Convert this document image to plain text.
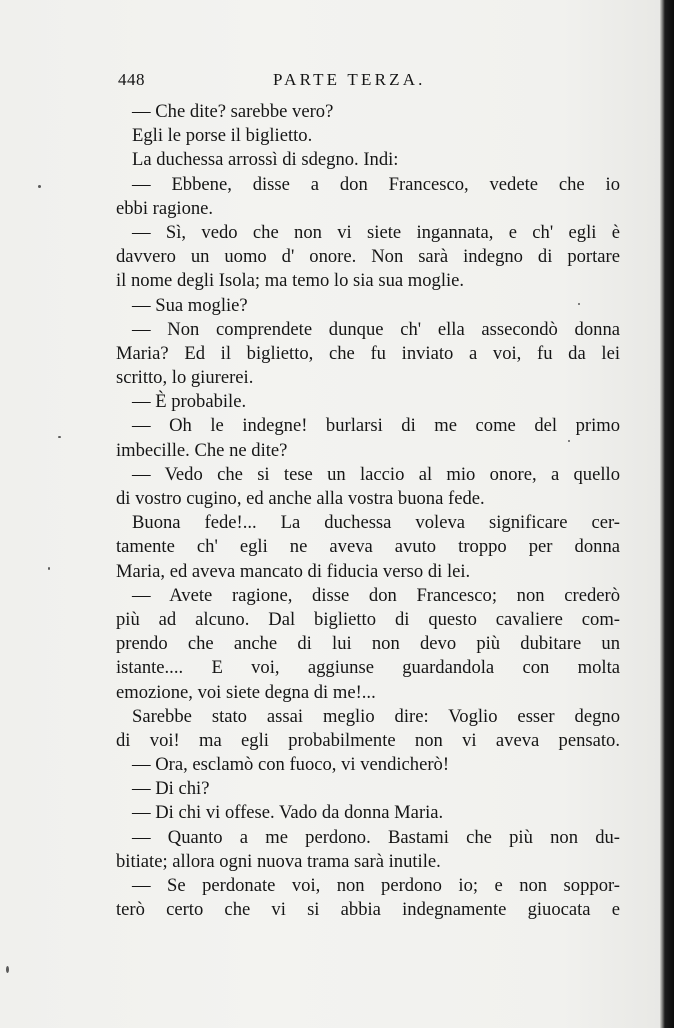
448	PARTE TERZA.
— Che dite? sarebbe vero?
Egli le porse il biglietto.
La duchessa arrossì di sdegno. Indi:
— Ebbene, disse a don Francesco, vedete che io
ebbi ragione.
— Sì, vedo che non vi siete ingannata, e ch' egli è
davvero un uomo d' onore. Non sarà indegno di portare
il nome degli Isola; ma temo lo sia sua moglie.
— Sua moglie?
— Non comprendete dunque ch' ella assecondò donna
Maria? Ed il biglietto, che fu inviato a voi, fu da lei
scritto, lo giurerei.
— È probabile.
— Oh le indegne! burlarsi di me come del primo
imbecille. Che ne dite?
— Vedo che si tese un laccio al mio onore, a quello
di vostro cugino, ed anche alla vostra buona fede.
Buona fede!... La duchessa voleva significare cer-
tamente ch' egli ne aveva avuto troppo per donna
Maria, ed aveva mancato di fiducia verso di lei.
— Avete ragione, disse don Francesco; non crederò
più ad alcuno. Dal biglietto di questo cavaliere com-
prendo che anche di lui non devo più dubitare un
istante.... E voi, aggiunse guardandola con molta
emozione, voi siete degna di me!...
Sarebbe stato assai meglio dire: Voglio esser degno
di voi! ma egli probabilmente non vi aveva pensato.
— Ora, esclamò con fuoco, vi vendicherò!
— Di chi?
— Di chi vi offese. Vado da donna Maria.
— Quanto a me perdono. Bastami che più non du-
bitiate; allora ogni nuova trama sarà inutile.
— Se perdonate voi, non perdono io; e non soppor-
terò certo che vi si abbia indegnamente giuocata e
